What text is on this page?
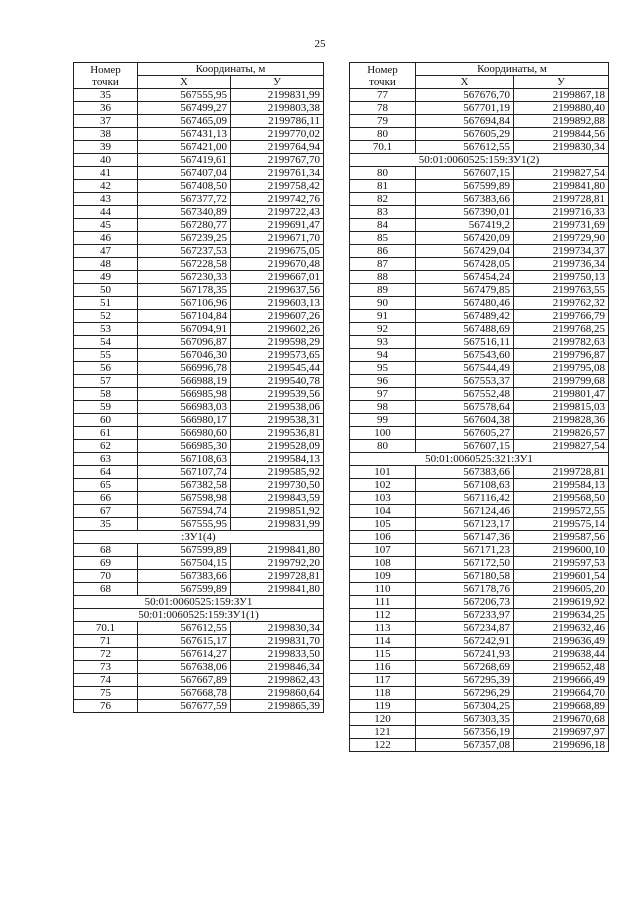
25
Номер
точки	Координаты, м	
	X	У
35	567555,95	2199831,99
36	567499,27	2199803,38
37	567465,09	2199786,11
38	567431,13	2199770,02
39	567421,00	2199764,94
40	567419,61	2199767,70
41	567407,04	2199761,34
42	567408,50	2199758,42
43	567377,72	2199742,76
44	567340,89	2199722,43
45	567280,77	2199691,47
46	567239,25	2199671,70
47	567237,53	2199675,05
48	567228,58	2199670,48
49	567230,33	2199667,01
50	567178,35	2199637,56
51	567106,96	2199603,13
52	567104,84	2199607,26
53	567094,91	2199602,26
54	567096,87	2199598,29
55	567046,30	2199573,65
56	566996,78	2199545,44
57	566988,19	2199540,78
58	566985,98	2199539,56
59	566983,03	2199538,06
60	566980,17	2199538,31
61	566980,60	2199536,81
62	566985,30	2199528,09
63	567108,63	2199584,13
64	567107,74	2199585,92
65	567382,58	2199730,50
66	567598,98	2199843,59
67	567594,74	2199851,92
35	567555,95	2199831,99
:ЗУ1(4)		
68	567599,89	2199841,80
69	567504,15	2199792,20
70	567383,66	2199728,81
68	567599,89	2199841,80
50:01:0060525:159:ЗУ1		
50:01:0060525:159:ЗУ1(1)		
70.1	567612,55	2199830,34
71	567615,17	2199831,70
72	567614,27	2199833,50
73	567638,06	2199846,34
74	567667,89	2199862,43
75	567668,78	2199860,64
76	567677,59	2199865,39
Номер
точки	Координаты, м	
	X	У
77	567676,70	2199867,18
78	567701,19	2199880,40
79	567694,84	2199892,88
80	567605,29	2199844,56
70.1	567612,55	2199830,34
50:01:0060525:159:ЗУ1(2)		
80	567607,15	2199827,54
81	567599,89	2199841,80
82	567383,66	2199728,81
83	567390,01	2199716,33
84	567419,2	2199731,69
85	567420,09	2199729,90
86	567429,04	2199734,37
87	567428,05	2199736,34
88	567454,24	2199750,13
89	567479,85	2199763,55
90	567480,46	2199762,32
91	567489,42	2199766,79
92	567488,69	2199768,25
93	567516,11	2199782,63
94	567543,60	2199796,87
95	567544,49	2199795,08
96	567553,37	2199799,68
97	567552,48	2199801,47
98	567578,64	2199815,03
99	567604,38	2199828,36
100	567605,27	2199826,57
80	567607,15	2199827,54
50:01:0060525:321:ЗУ1		
101	567383,66	2199728,81
102	567108,63	2199584,13
103	567116,42	2199568,50
104	567124,46	2199572,55
105	567123,17	2199575,14
106	567147,36	2199587,56
107	567171,23	2199600,10
108	567172,50	2199597,53
109	567180,58	2199601,54
110	567178,76	2199605,20
111	567206,73	2199619,92
112	567233,97	2199634,25
113	567234,87	2199632,46
114	567242,91	2199636,49
115	567241,93	2199638,44
116	567268,69	2199652,48
117	567295,39	2199666,49
118	567296,29	2199664,70
119	567304,25	2199668,89
120	567303,35	2199670,68
121	567356,19	2199697,97
122	567357,08	2199696,18
